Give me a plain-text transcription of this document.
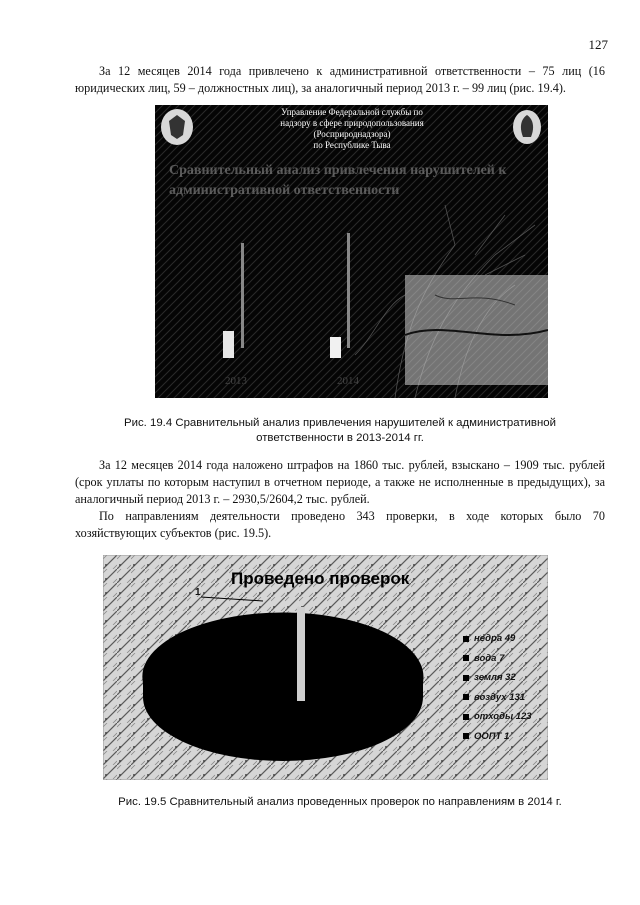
127
За 12 месяцев 2014 года привлечено к административной ответственности – 75 лиц (16 юридических лиц, 59 – должностных лиц), за аналогичный период 2013 г. – 99 лиц (рис. 19.4).
Управление Федеральной службы по
надзору в сфере природопользования
(Росприроднадзора)
по Республике Тыва
Сравнительный анализ привлечения нарушителей к административной ответственности
2013	2014
Рис. 19.4 Сравнительный анализ привлечения нарушителей к административной
ответственности в 2013-2014 гг.
За 12 месяцев 2014 года наложено штрафов на 1860 тыс. рублей, взыскано – 1909 тыс. рублей (срок уплаты по которым наступил в отчетном периоде, а также не исполненные в предыдущих), за аналогичный период 2013 г. – 2930,5/2604,2 тыс. рублей.
По направлениям деятельности проведено 343 проверки, в ходе которых было 70 хозяйствующих субъектов (рис. 19.5).
Проведено проверок
1
недра 49
вода 7
земля 32
воздух 131
отходы 123
ООПТ 1
Рис. 19.5 Сравнительный анализ проведенных проверок по направлениям в 2014 г.
